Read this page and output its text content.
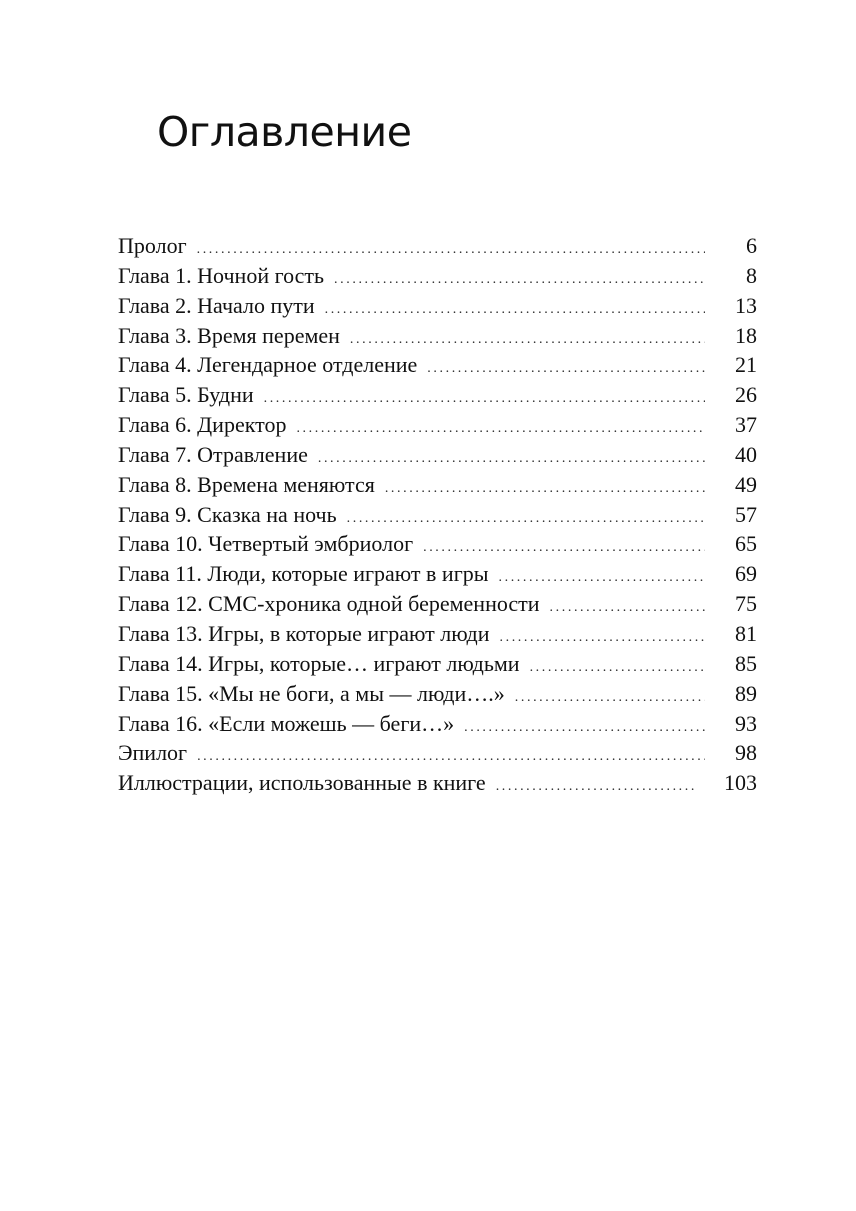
Оглавление
Пролог .....	6
Глава 1. Ночной гость .....	8
Глава 2. Начало пути .....	13
Глава 3. Время перемен .....	18
Глава 4. Легендарное отделение .....	21
Глава 5. Будни .....	26
Глава 6. Директор .....	37
Глава 7. Отравление .....	40
Глава 8. Времена меняются .....	49
Глава 9. Сказка на ночь .....	57
Глава 10. Четвертый эмбриолог .....	65
Глава 11. Люди, которые играют в игры .....	69
Глава 12. СМС-хроника одной беременности .....	75
Глава 13. Игры, в которые играют люди .....	81
Глава 14. Игры, которые… играют людьми .....	85
Глава 15. «Мы не боги, а мы — люди….» .....	89
Глава 16. «Если можешь — беги…» .....	93
Эпилог .....	98
Иллюстрации, использованные в книге .....	103
